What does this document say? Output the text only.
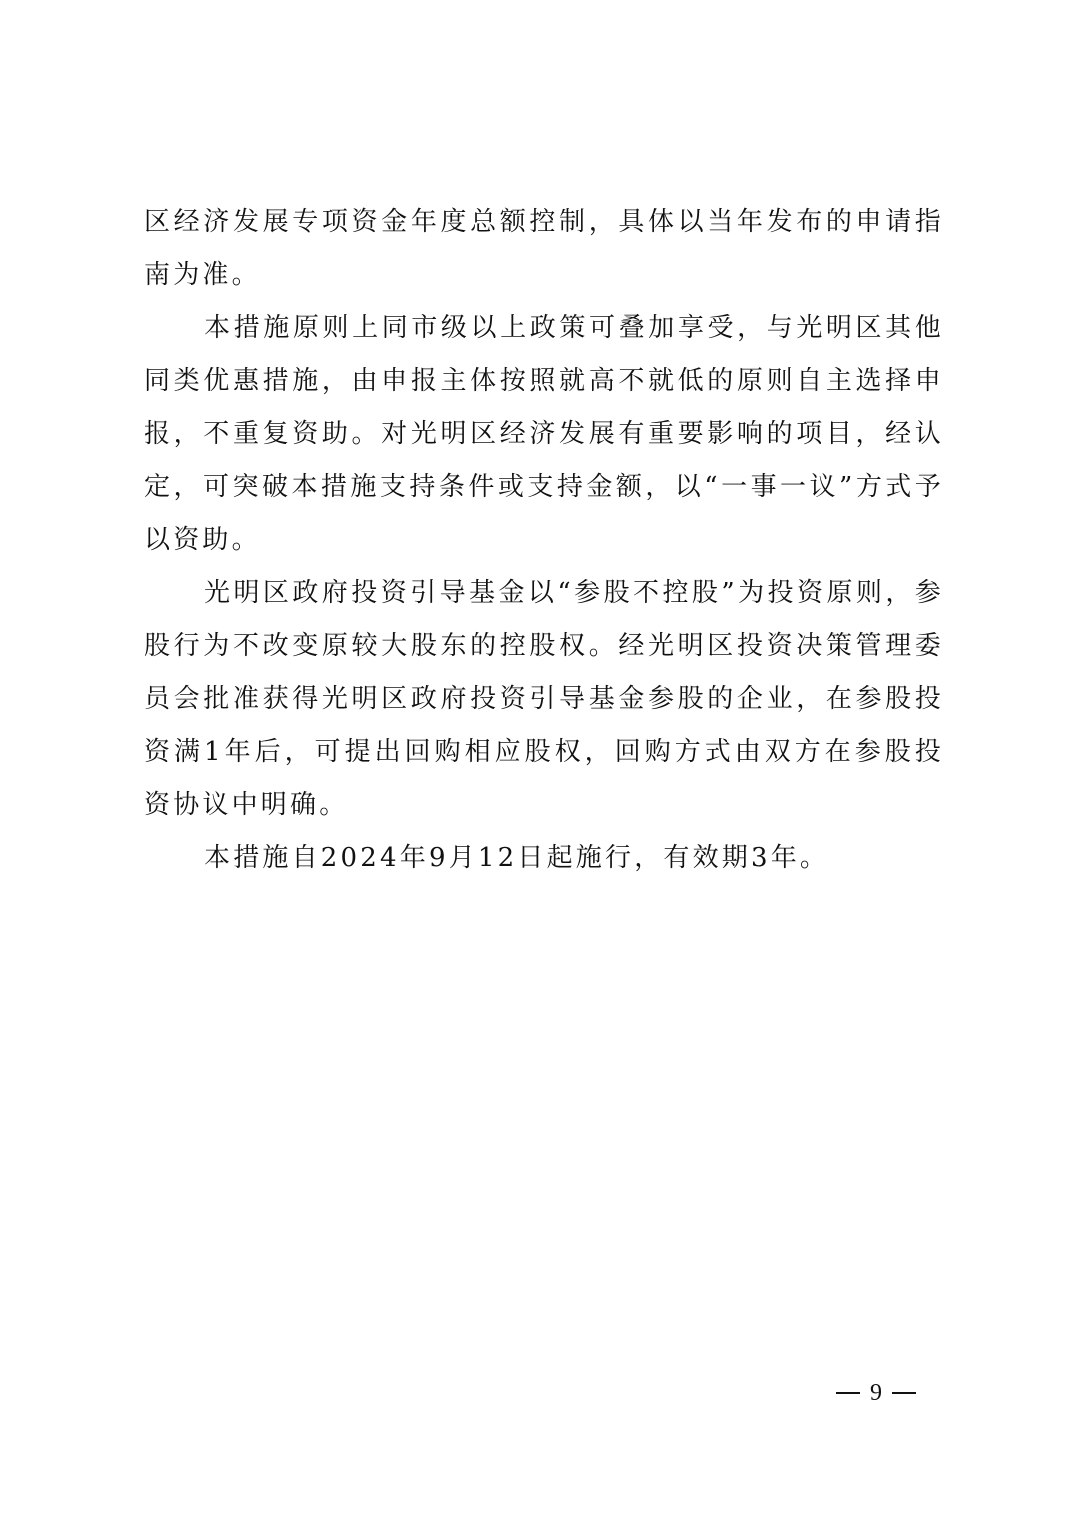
区经济发展专项资金年度总额控制，具体以当年发布的申请指南为准。

本措施原则上同市级以上政策可叠加享受，与光明区其他同类优惠措施，由申报主体按照就高不就低的原则自主选择申报，不重复资助。对光明区经济发展有重要影响的项目，经认定，可突破本措施支持条件或支持金额，以“一事一议”方式予以资助。

光明区政府投资引导基金以“参股不控股”为投资原则，参股行为不改变原较大股东的控股权。经光明区投资决策管理委员会批准获得光明区政府投资引导基金参股的企业，在参股投资满1年后，可提出回购相应股权，回购方式由双方在参股投资协议中明确。

本措施自2024年9月12日起施行，有效期3年。

9
